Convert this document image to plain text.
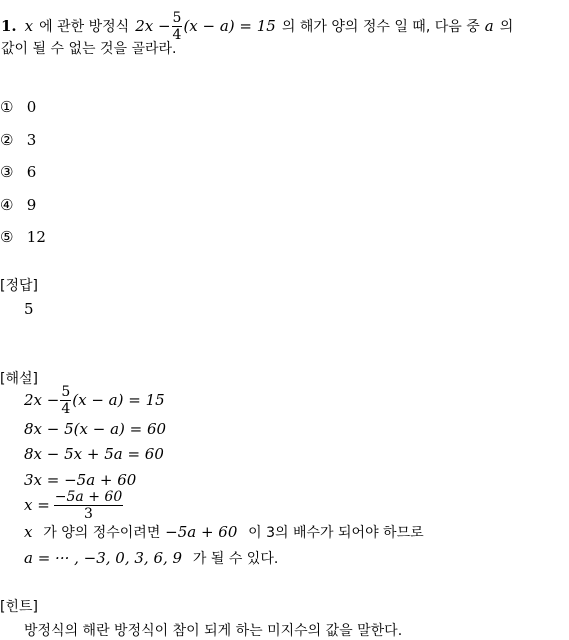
1. x 에 관한 방정식 $2x - \frac{5}{4} (x - a) = 15$ 의 해가 양의 정수 일 때, 다음 중 a 의
값이 될 수 없는 것을 골라라.
① 0
② 3
③ 6
④ 9
⑤ 12
[정답]
5
[해설]
$2x - \frac{5}{4} (x - a) = 15$
8x − 5(x − a) = 60
8x − 5x + 5a = 60
3x = −5a + 60
$x = \frac{-5a + 60}{3}$
x 가 양의 정수이려면 −5a + 60 이 3의 배수가 되어야 하므로
a = ··· , −3, 0, 3, 6, 9 가 될 수 있다.
[힌트]
방정식의 해란 방정식이 참이 되게 하는 미지수의 값을 말한다.
